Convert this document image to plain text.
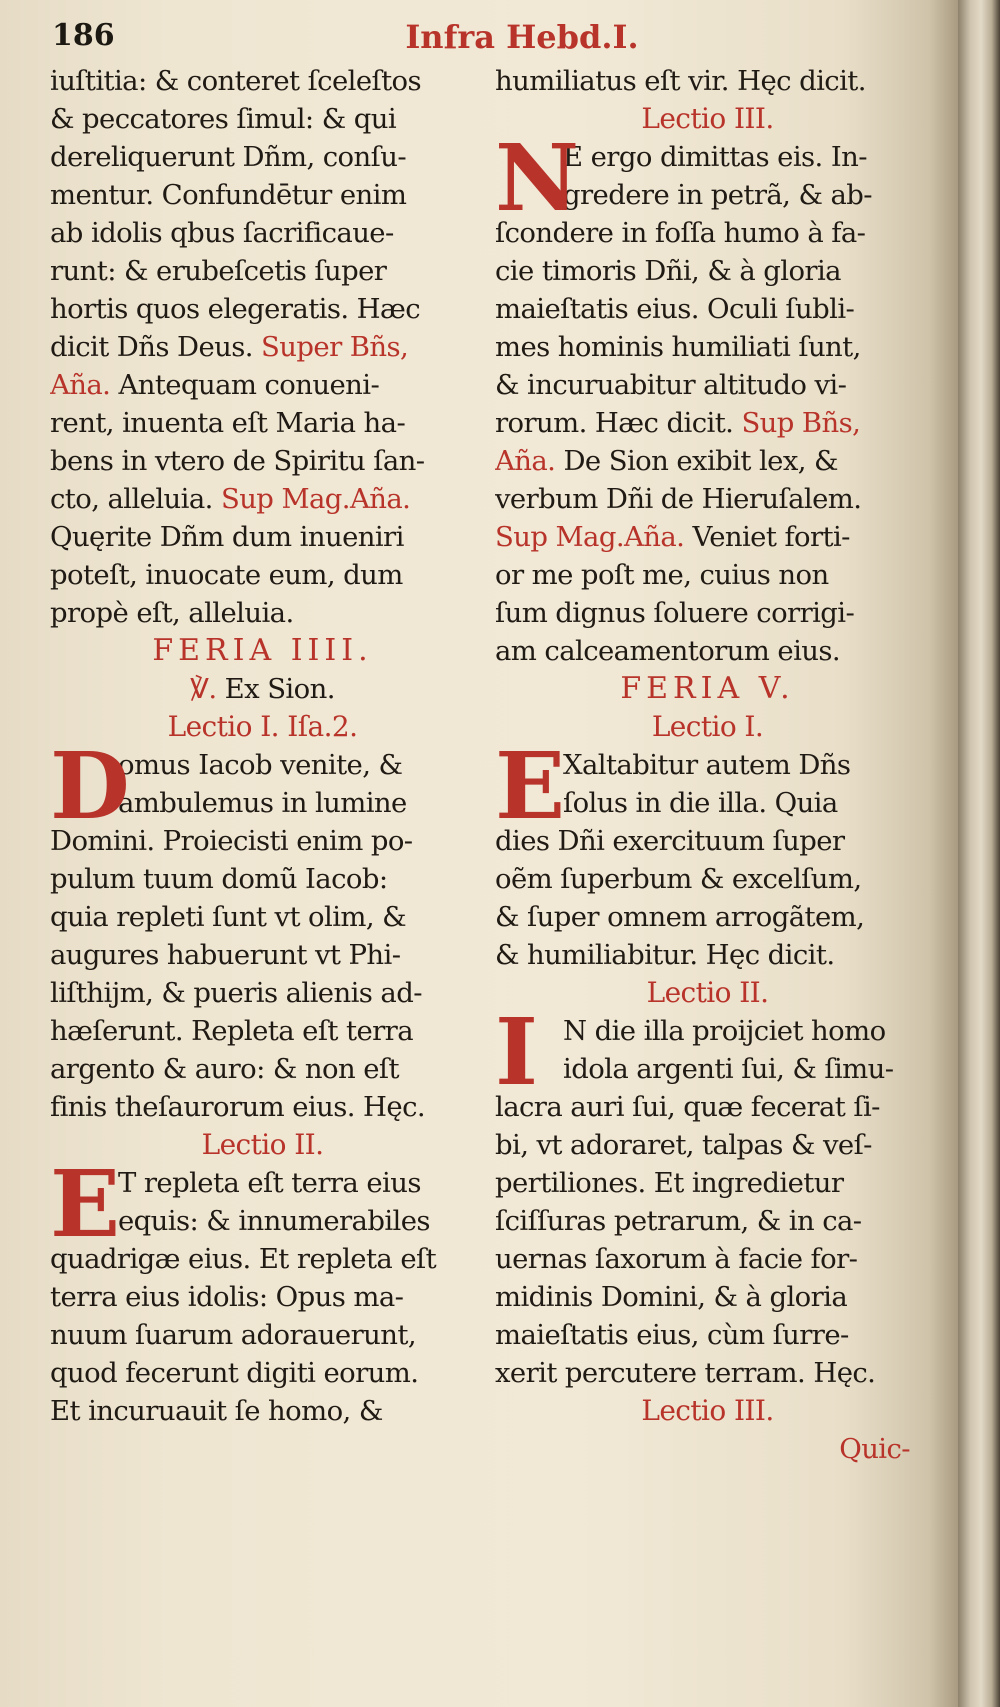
186	Infra Hebd.I.
iuſtitia: & conteret ſceleſtos
& peccatores ſimul: & qui
dereliquerunt Dñm, conſu-
mentur. Confundētur enim
ab idolis qbus ſacrificaue-
runt: & erubeſcetis ſuper
hortis quos elegeratis. Hæc
dicit Dñs Deus. Super Bñs,
Aña. Antequam conueni-
rent, inuenta eſt Maria ha-
bens in vtero de Spiritu ſan-
cto, alleluia. Sup Mag.Aña.
Quęrite Dñm dum inueniri
poteſt, inuocate eum, dum
propè eſt, alleluia.
FERIA IIII.
℣. Ex Sion.
Lectio I. Iſa.2.
D
omus Iacob venite, &
ambulemus in lumine
Domini. Proiecisti enim po-
pulum tuum domũ Iacob:
quia repleti ſunt vt olim, &
augures habuerunt vt Phi-
liſthijm, & pueris alienis ad-
hæſerunt. Repleta eſt terra
argento & auro: & non eſt
finis theſaurorum eius. Hęc.
Lectio II.
E
T repleta eſt terra eius
equis: & innumerabiles
quadrigæ eius. Et repleta eſt
terra eius idolis: Opus ma-
nuum ſuarum adorauerunt,
quod fecerunt digiti eorum.
Et incuruauit ſe homo, &
humiliatus eſt vir. Hęc dicit.
Lectio III.
N
E ergo dimittas eis. In-
gredere in petrã, & ab-
ſcondere in foſſa humo à fa-
cie timoris Dñi, & à gloria
maieſtatis eius. Oculi ſubli-
mes hominis humiliati ſunt,
& incuruabitur altitudo vi-
rorum. Hæc dicit. Sup Bñs,
Aña. De Sion exibit lex, &
verbum Dñi de Hieruſalem.
Sup Mag.Aña. Veniet forti-
or me poſt me, cuius non
ſum dignus ſoluere corrigi-
am calceamentorum eius.
FERIA V.
Lectio I.
E
Xaltabitur autem Dñs
ſolus in die illa. Quia
dies Dñi exercituum ſuper
oẽm ſuperbum & excelſum,
& ſuper omnem arrogãtem,
& humiliabitur. Hęc dicit.
Lectio II.
I N die illa proijciet homo
idola argenti ſui, & ſimu-
lacra auri ſui, quæ fecerat ſi-
bi, vt adoraret, talpas & veſ-
pertiliones. Et ingredietur
ſciſſuras petrarum, & in ca-
uernas ſaxorum à facie for-
midinis Domini, & à gloria
maieſtatis eius, cùm ſurre-
xerit percutere terram. Hęc.
Lectio III.
Quic-
